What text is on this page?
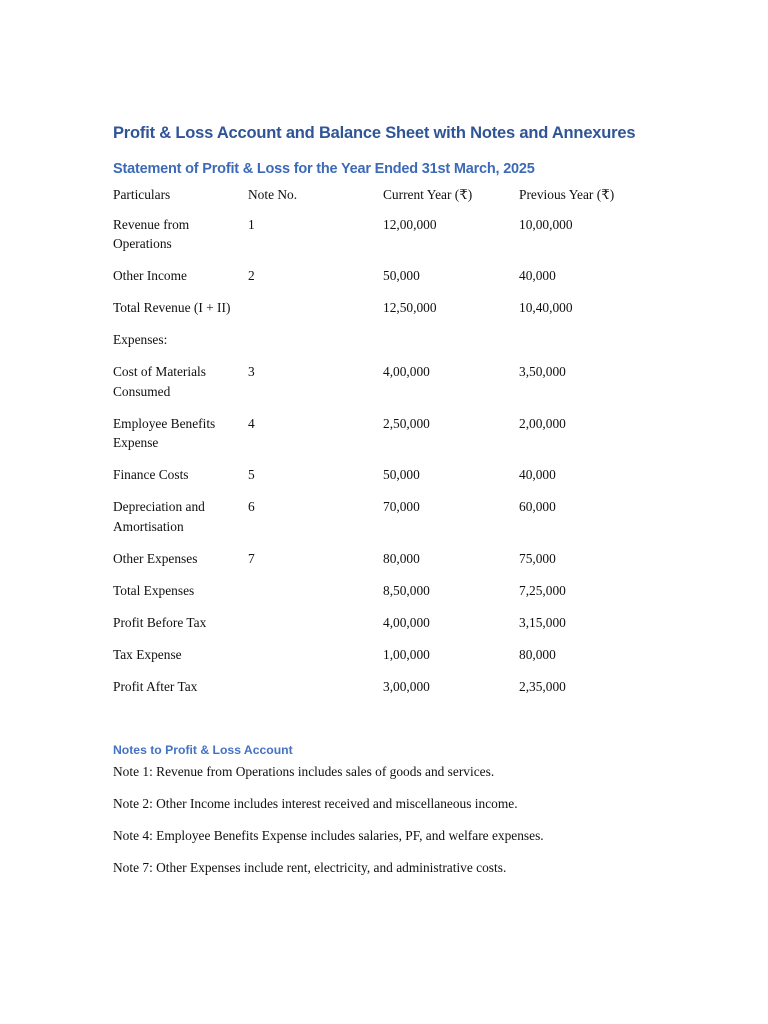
Profit & Loss Account and Balance Sheet with Notes and Annexures
Statement of Profit & Loss for the Year Ended 31st March, 2025
Particulars	Note No.	Current Year (₹)	Previous Year (₹)
Revenue from Operations	1	12,00,000	10,00,000
Other Income	2	50,000	40,000
Total Revenue (I + II)		12,50,000	10,40,000
Expenses:			
Cost of Materials Consumed	3	4,00,000	3,50,000
Employee Benefits Expense	4	2,50,000	2,00,000
Finance Costs	5	50,000	40,000
Depreciation and Amortisation	6	70,000	60,000
Other Expenses	7	80,000	75,000
Total Expenses		8,50,000	7,25,000
Profit Before Tax		4,00,000	3,15,000
Tax Expense		1,00,000	80,000
Profit After Tax		3,00,000	2,35,000
Notes to Profit & Loss Account

Note 1: Revenue from Operations includes sales of goods and services.

Note 2: Other Income includes interest received and miscellaneous income.

Note 4: Employee Benefits Expense includes salaries, PF, and welfare expenses.

Note 7: Other Expenses include rent, electricity, and administrative costs.
